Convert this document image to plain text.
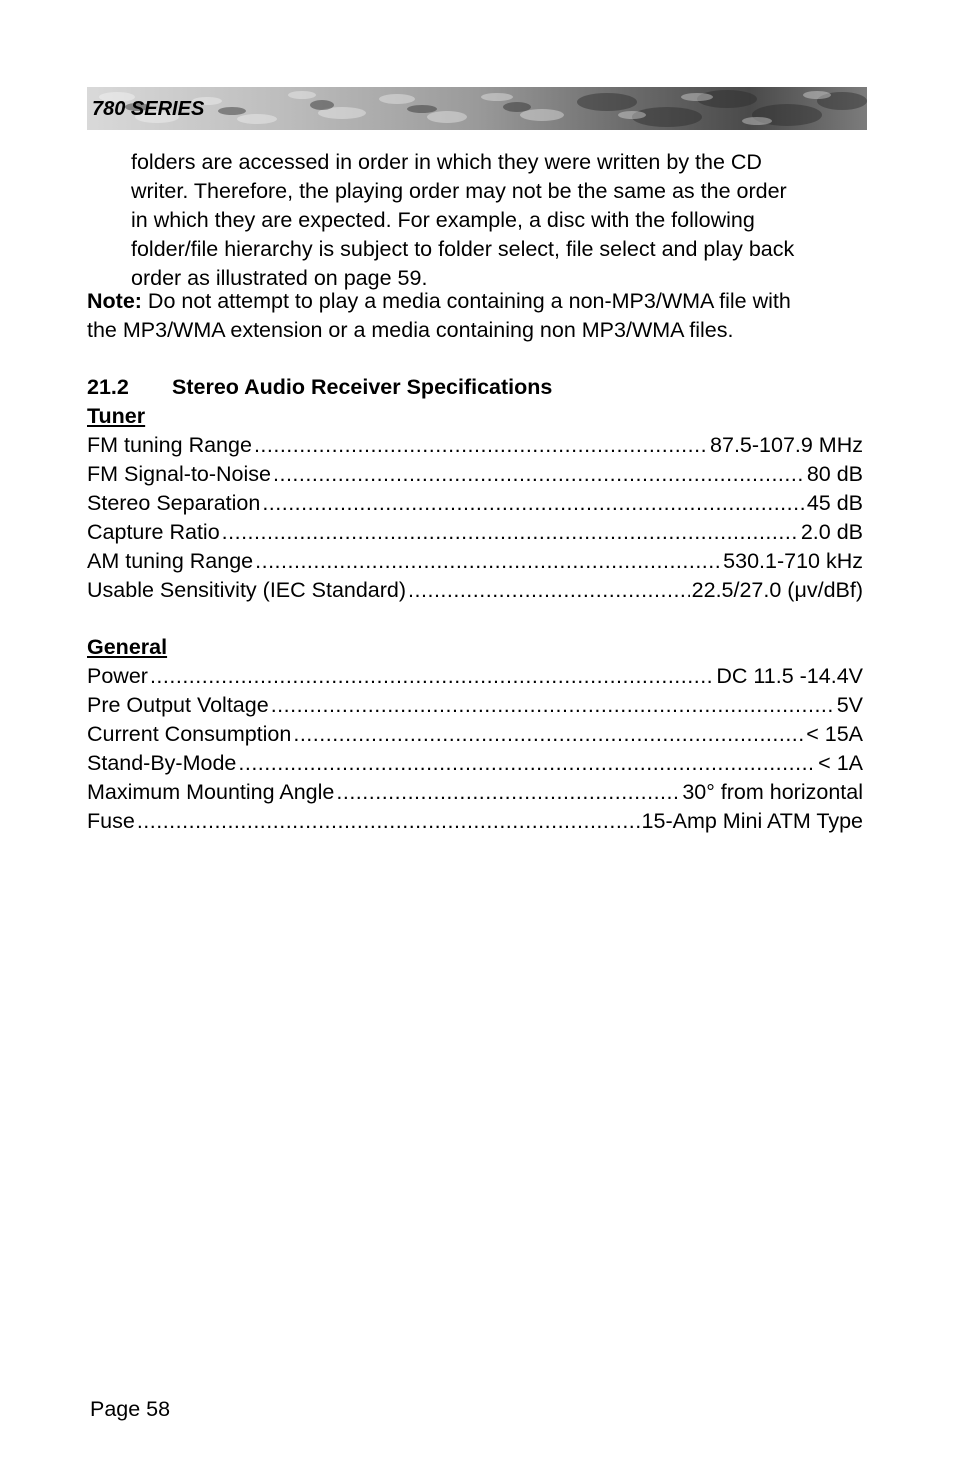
780 SERIES
folders are accessed in order in which they were written by the CD
writer. Therefore, the playing order may not be the same as the order
in which they are expected. For example, a disc with the following
folder/file hierarchy is subject to folder select, file select and play back
order as illustrated on page 59.
Note: Do not attempt to play a media containing a non-MP3/WMA file with
the MP3/WMA extension or a media containing non MP3/WMA files.
21.2 Stereo Audio Receiver Specifications
Tuner
FM tuning Range .....	87.5-107.9 MHz
FM Signal-to-Noise .....	80 dB
Stereo Separation .....	45 dB
Capture Ratio .....	2.0 dB
AM tuning Range .....	530.1-710 kHz
Usable Sensitivity (IEC Standard) .....	22.5/27.0 (μv/dBf)
General
Power .....	DC 11.5 -14.4V
Pre Output Voltage .....	5V
Current Consumption .....	< 15A
Stand-By-Mode .....	< 1A
Maximum Mounting Angle .....	30° from horizontal
Fuse .....	15-Amp Mini ATM Type
Page 58
